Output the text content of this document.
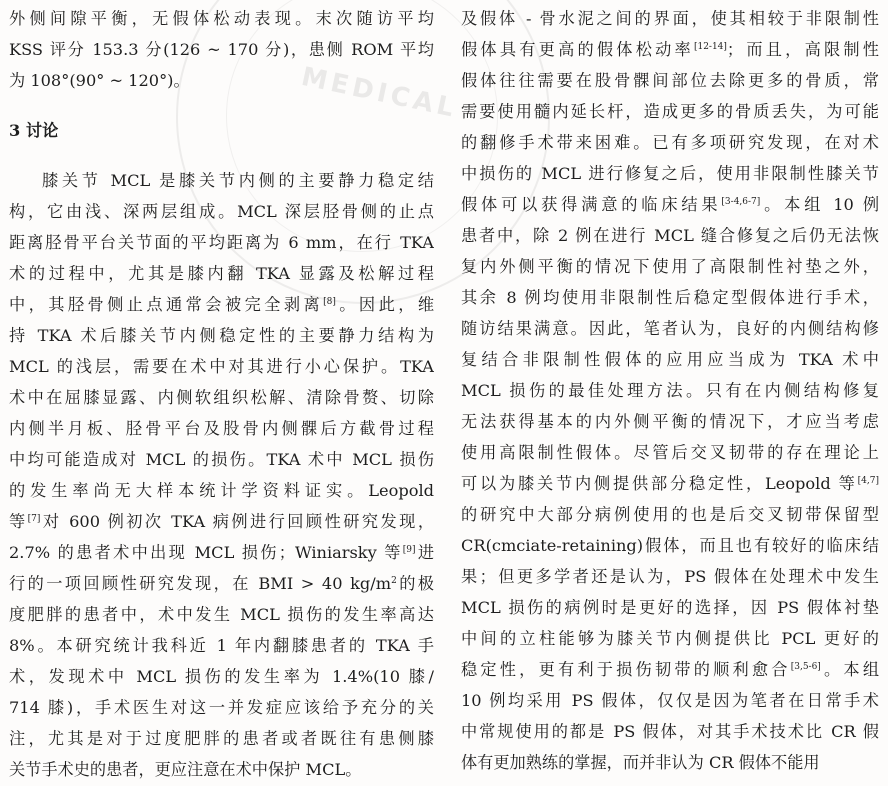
MEDICAL
外侧间隙平衡，无假体松动表现。末次随访平均
KSS 评分 153.3 分(126 ~ 170 分)，患侧 ROM 平均
为 108°(90° ~ 120°)。
3 讨论
膝关节 MCL 是膝关节内侧的主要静力稳定结
构，它由浅、深两层组成。MCL 深层胫骨侧的止点
距离胫骨平台关节面的平均距离为 6 mm，在行 TKA
术的过程中，尤其是膝内翻 TKA 显露及松解过程
中，其胫骨侧止点通常会被完全剥离[8]。因此，维
持 TKA 术后膝关节内侧稳定性的主要静力结构为
MCL 的浅层，需要在术中对其进行小心保护。TKA
术中在屈膝显露、内侧软组织松解、清除骨赘、切除
内侧半月板、胫骨平台及股骨内侧髁后方截骨过程
中均可能造成对 MCL 的损伤。TKA 术中 MCL 损伤
的发生率尚无大样本统计学资料证实。Leopold
等[7]对 600 例初次 TKA 病例进行回顾性研究发现，
2.7% 的患者术中出现 MCL 损伤；Winiarsky 等[9]进
行的一项回顾性研究发现，在 BMI > 40 $kg/m^2$的极
度肥胖的患者中，术中发生 MCL 损伤的发生率高达
8%。本研究统计我科近 1 年内翻膝患者的 TKA 手
术，发现术中 MCL 损伤的发生率为 1.4%(10 膝/
714 膝)，手术医生对这一并发症应该给予充分的关
注，尤其是对于过度肥胖的患者或者既往有患侧膝
关节手术史的患者，更应注意在术中保护 MCL。
及假体 - 骨水泥之间的界面，使其相较于非限制性
假体具有更高的假体松动率[12-14]；而且，高限制性
假体往往需要在股骨髁间部位去除更多的骨质，常
需要使用髓内延长杆，造成更多的骨质丢失，为可能
的翻修手术带来困难。已有多项研究发现，在对术
中损伤的 MCL 进行修复之后，使用非限制性膝关节
假体可以获得满意的临床结果[3-4,6-7]。本组 10 例
患者中，除 2 例在进行 MCL 缝合修复之后仍无法恢
复内外侧平衡的情况下使用了高限制性衬垫之外，
其余 8 例均使用非限制性后稳定型假体进行手术，
随访结果满意。因此，笔者认为，良好的内侧结构修
复结合非限制性假体的应用应当成为 TKA 术中
MCL 损伤的最佳处理方法。只有在内侧结构修复
无法获得基本的内外侧平衡的情况下，才应当考虑
使用高限制性假体。尽管后交叉韧带的存在理论上
可以为膝关节内侧提供部分稳定性，Leopold 等[4,7]
的研究中大部分病例使用的也是后交叉韧带保留型
CR(cmciate-retaining)假体，而且也有较好的临床结
果；但更多学者还是认为，PS 假体在处理术中发生
MCL 损伤的病例时是更好的选择，因 PS 假体衬垫
中间的立柱能够为膝关节内侧提供比 PCL 更好的
稳定性，更有利于损伤韧带的顺利愈合[3,5-6]。本组
10 例均采用 PS 假体，仅仅是因为笔者在日常手术
中常规使用的都是 PS 假体，对其手术技术比 CR 假
体有更加熟练的掌握，而并非认为 CR 假体不能用
